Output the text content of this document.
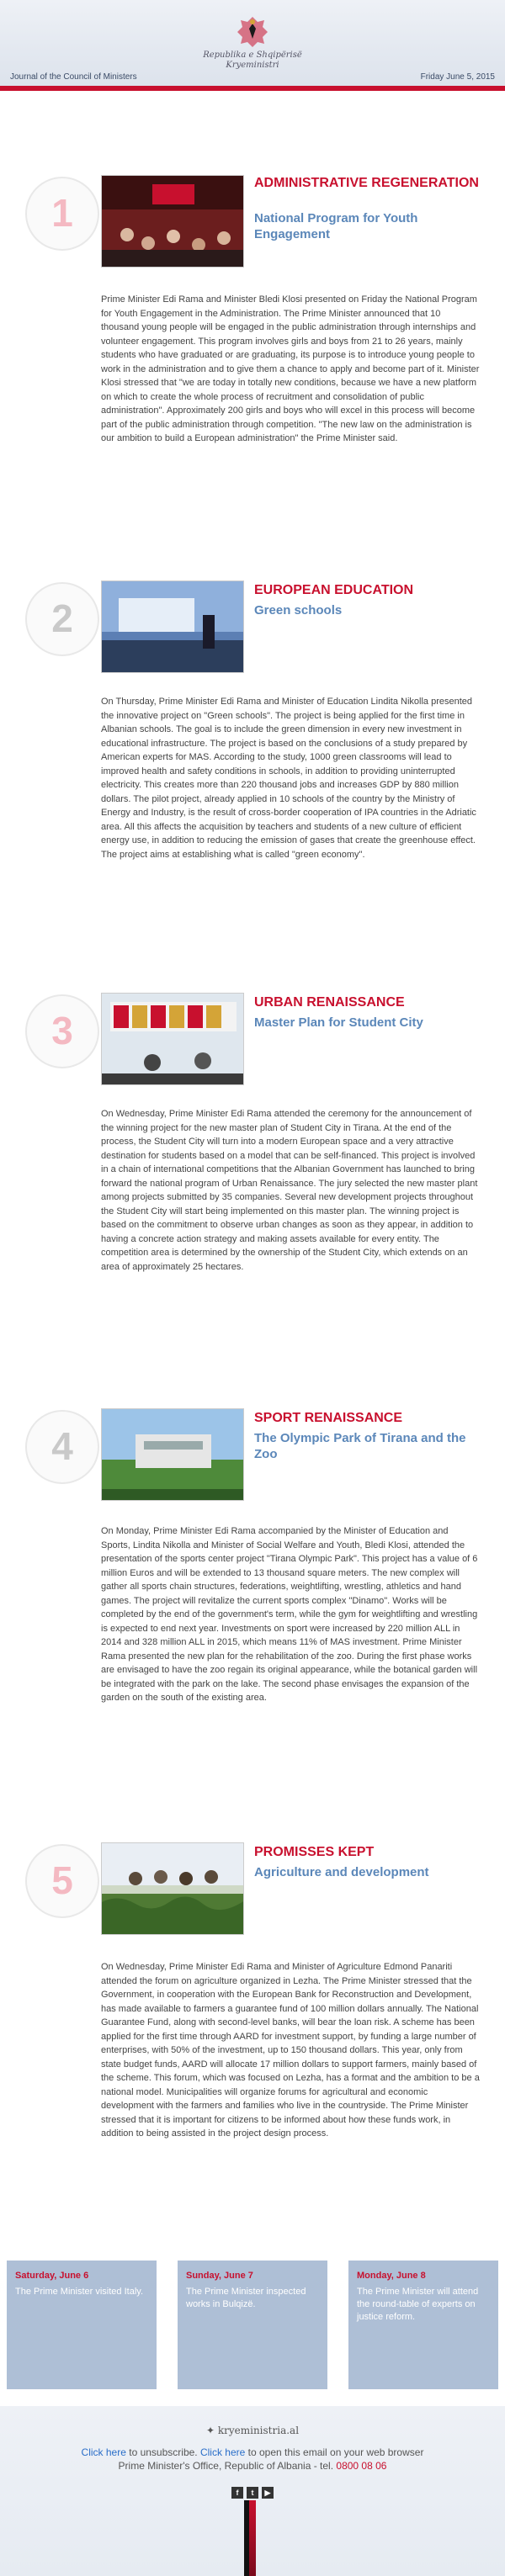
Republika e Shqipërisë
Kryeministri
Journal of the Council of Ministers	Friday June 5, 2015
1
ADMINISTRATIVE REGENERATION
National Program for Youth Engagement
Prime Minister Edi Rama and Minister Bledi Klosi presented on Friday the National Program for Youth Engagement in the Administration. The Prime Minister announced that 10 thousand young people will be engaged in the public administration through internships and volunteer engagement. This program involves girls and boys from 21 to 26 years, mainly students who have graduated or are graduating, its purpose is to introduce young people to work in the administration and to give them a chance to apply and become part of it. Minister Klosi stressed that "we are today in totally new conditions, because we have a new platform on which to create the whole process of recruitment and consolidation of public administration". Approximately 200 girls and boys who will excel in this process will become part of the public administration through competition. "The new law on the administration is our ambition to build a European administration" the Prime Minister said.
2
EUROPEAN EDUCATION
Green schools
On Thursday, Prime Minister Edi Rama and Minister of Education Lindita Nikolla presented the innovative project on "Green schools". The project is being applied for the first time in Albanian schools. The goal is to include the green dimension in every new investment in educational infrastructure. The project is based on the conclusions of a study prepared by American experts for MAS. According to the study, 1000 green classrooms will lead to improved health and safety conditions in schools, in addition to providing uninterrupted electricity. This creates more than 220 thousand jobs and increases GDP by 880 million dollars. The pilot project, already applied in 10 schools of the country by the Ministry of Energy and Industry, is the result of cross-border cooperation of IPA countries in the Adriatic area. All this affects the acquisition by teachers and students of a new culture of efficient energy use, in addition to reducing the emission of gases that create the greenhouse effect. The project aims at establishing what is called "green economy".
3
URBAN RENAISSANCE
Master Plan for Student City
On Wednesday, Prime Minister Edi Rama attended the ceremony for the announcement of the winning project for the new master plan of Student City in Tirana. At the end of the process, the Student City will turn into a modern European space and a very attractive destination for students based on a model that can be self-financed. This project is involved in a chain of international competitions that the Albanian Government has launched to bring forward the national program of Urban Renaissance. The jury selected the new master plant among projects submitted by 35 companies. Several new development projects throughout the Student City will start being implemented on this master plan. The winning project is based on the commitment to observe urban changes as soon as they appear, in addition to having a concrete action strategy and making assets available for every entity. The competition area is determined by the ownership of the Student City, which extends on an area of approximately 25 hectares.
4
SPORT RENAISSANCE
The Olympic Park of Tirana and the Zoo
On Monday, Prime Minister Edi Rama accompanied by the Minister of Education and Sports, Lindita Nikolla and Minister of Social Welfare and Youth, Bledi Klosi, attended the presentation of the sports center project "Tirana Olympic Park". This project has a value of 6 million Euros and will be extended to 13 thousand square meters. The new complex will gather all sports chain structures, federations, weightlifting, wrestling, athletics and hand games. The project will revitalize the current sports complex "Dinamo". Works will be completed by the end of the government's term, while the gym for weightlifting and wrestling is expected to end next year. Investments on sport were increased by 220 million ALL in 2014 and 328 million ALL in 2015, which means 11% of MAS investment. Prime Minister Rama presented the new plan for the rehabilitation of the zoo. During the first phase works are envisaged to have the zoo regain its original appearance, while the botanical garden will be integrated with the park on the lake. The second phase envisages the expansion of the garden on the south of the existing area.
5
PROMISSES KEPT
Agriculture and development
On Wednesday, Prime Minister Edi Rama and Minister of Agriculture Edmond Panariti attended the forum on agriculture organized in Lezha. The Prime Minister stressed that the Government, in cooperation with the European Bank for Reconstruction and Development, has made available to farmers a guarantee fund of 100 million dollars annually. The National Guarantee Fund, along with second-level banks, will bear the loan risk. A scheme has been applied for the first time through AARD for investment support, by funding a large number of enterprises, with 50% of the investment, up to 150 thousand dollars. This year, only from state budget funds, AARD will allocate 17 million dollars to support farmers, mainly based of the scheme. This forum, which was focused on Lezha, has a format and the ambition to be a national model. Municipalities will organize forums for agricultural and economic development with the farmers and families who live in the countryside. The Prime Minister stressed that it is important for citizens to be informed about how these funds work, in addition to being assisted in the project design process.
Saturday, June 6
The Prime Minister visited Italy.
Sunday, June 7
The Prime Minister inspected works in Bulqizë.
Monday, June 8
The Prime Minister will attend the round-table of experts on justice reform.
✦ kryeministria.al
Click here to unsubscribe. Click here to open this email on your web browser
Prime Minister's Office, Republic of Albania - tel. 0800 08 06
f	t	▶
